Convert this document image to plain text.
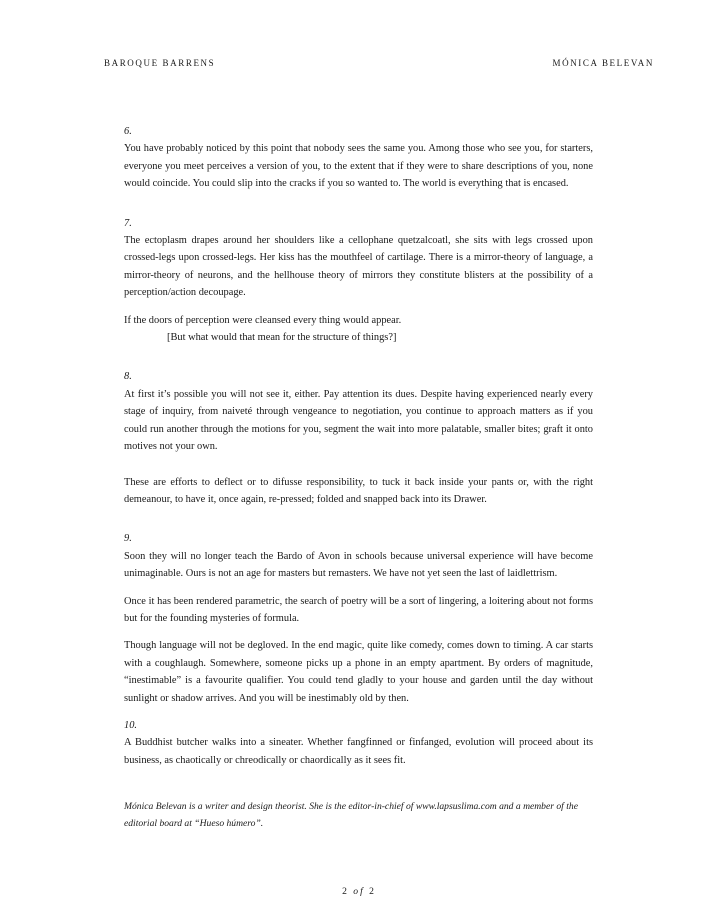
BAROQUE BARRENS	MÓNICA BELEVAN

6.

You have probably noticed by this point that nobody sees the same you. Among those who see you, for starters, everyone you meet perceives a version of you, to the extent that if they were to share descriptions of you, none would coincide. You could slip into the cracks if you so wanted to. The world is everything that is encased.

7.

The ectoplasm drapes around her shoulders like a cellophane quetzalcoatl, she sits with legs crossed upon crossed-legs upon crossed-legs. Her kiss has the mouthfeel of cartilage. There is a mirror-theory of language, a mirror-theory of neurons, and the hellhouse theory of mirrors they constitute blisters at the possibility of a perception/action decoupage.

If the doors of perception were cleansed every thing would appear.
[But what would that mean for the structure of things?]

8.

At first it’s possible you will not see it, either. Pay attention its dues. Despite having experienced nearly every stage of inquiry, from naiveté through vengeance to negotiation, you continue to approach matters as if you could run another through the motions for you, segment the wait into more palatable, smaller bites; graft it onto motives not your own.

These are efforts to deflect or to difusse responsibility, to tuck it back inside your pants or, with the right demeanour, to have it, once again, re-pressed; folded and snapped back into its Drawer.

9.

Soon they will no longer teach the Bardo of Avon in schools because universal experience will have become unimaginable. Ours is not an age for masters but remasters. We have not yet seen the last of laidlettrism.

Once it has been rendered parametric, the search of poetry will be a sort of lingering, a loitering about not forms but for the founding mysteries of formula.

Though language will not be degloved. In the end magic, quite like comedy, comes down to timing. A car starts with a coughlaugh. Somewhere, someone picks up a phone in an empty apartment. By orders of magnitude, “inestimable” is a favourite qualifier. You could tend gladly to your house and garden until the day without sunlight or shadow arrives. And you will be inestimably old by then.

10.

A Buddhist butcher walks into a sineater. Whether fangfinned or finfanged, evolution will proceed about its business, as chaotically or chreodically or chaordically as it sees fit.

Mónica Belevan is a writer and design theorist. She is the editor-in-chief of www.lapsuslima.com and a member of the editorial board at “Hueso húmero”.
2 of 2
